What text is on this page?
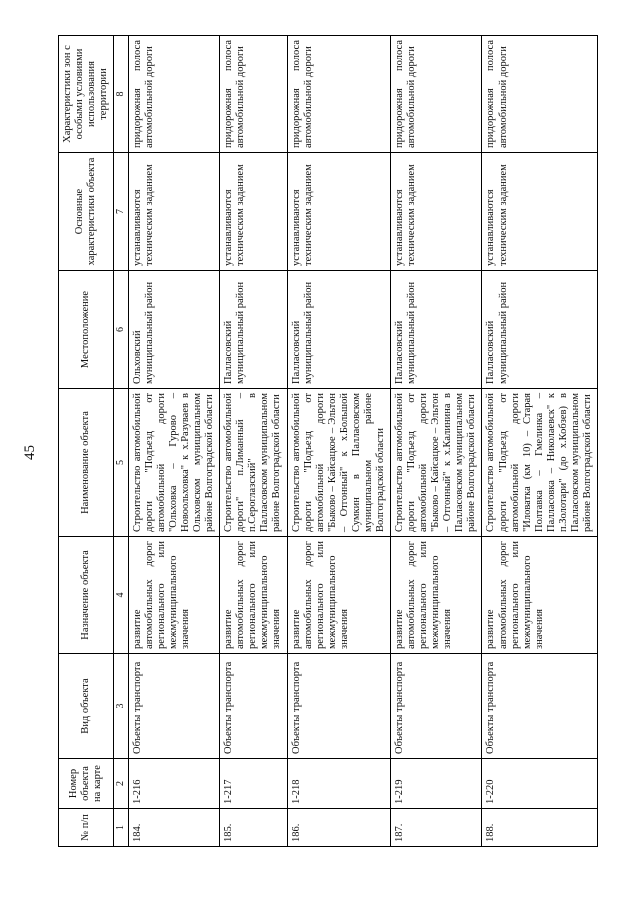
45
№ п/п	Номер объекта на карте	Вид объекта	Назначение объекта	Наименование объекта	Местоположение	Основные характеристики объекта	Характеристики зон с особыми условиями использования территории
1	2	3	4	5	6	7	8
184.	1-216	Объекты транспорта	развитие автомобильных дорог регионального или межмуниципального значения	Строительство автомобильной дороги "Подъезд от автомобильной дороги "Ольховка – Гурово – Новоольховка" к х.Разуваев в Ольховском муниципальном районе Волгоградской области	Ольховский муниципальный район	устанавливаются техническим заданием	придорожная полоса автомобильной дороги
185.	1-217	Объекты транспорта	развитие автомобильных дорог регионального или межмуниципального значения	Строительство автомобильной дороги" п.Лиманный – п.Сероглазский" в Палласовском муниципальном районе Волгоградской области	Палласовский муниципальный район	устанавливаются техническим заданием	придорожная полоса автомобильной дороги
186.	1-218	Объекты транспорта	развитие автомобильных дорог регионального или межмуниципального значения	Строительство автомобильной дороги "Подъезд от автомобильной дороги "Быково – Кайсацкое – Эльтон – Отгонный" к х.Большой Сумкин в Палласовском муниципальном районе Волгоградской области	Палласовский муниципальный район	устанавливаются техническим заданием	придорожная полоса автомобильной дороги
187.	1-219	Объекты транспорта	развитие автомобильных дорог регионального или межмуниципального значения	Строительство автомобильной дороги "Подъезд от автомобильной дороги "Быково – Кайсацкое – Эльтон – Отгонный" к х.Калинина в Палласовском муниципальном районе Волгоградской области	Палласовский муниципальный район	устанавливаются техническим заданием	придорожная полоса автомобильной дороги
188.	1-220	Объекты транспорта	развитие автомобильных дорог регионального или межмуниципального значения	Строительство автомобильной дороги "Подъезд от автомобильной дороги "Иловатка (км 10) – Старая Полтавка – Гмелинка – Палласовка – Николаевск" к п.Золотари" (до х.Кобзев) в Палласовском муниципальном районе Волгоградской области	Палласовский муниципальный район	устанавливаются техническим заданием	придорожная полоса автомобильной дороги
